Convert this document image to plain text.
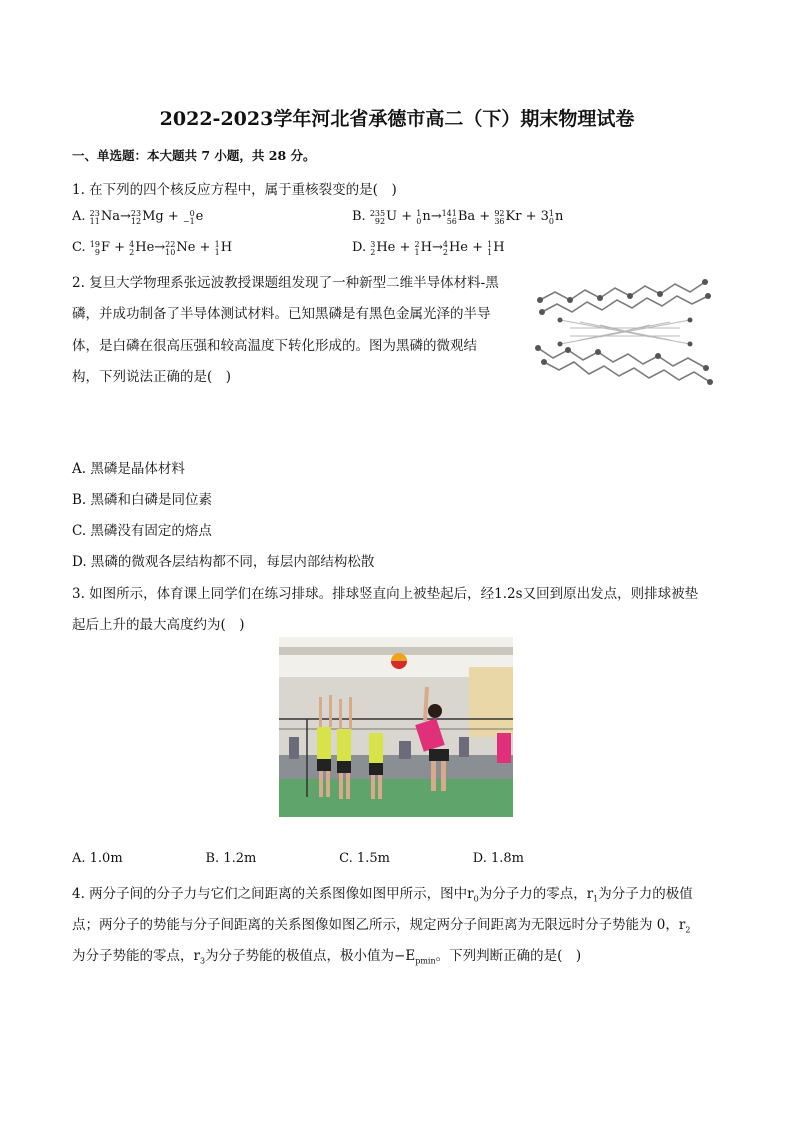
2022-2023学年河北省承德市高二（下）期末物理试卷
一、单选题：本大题共 7 小题，共 28 分。
1. 在下列的四个核反应方程中，属于重核裂变的是(　)
A. 23
11 Na→ 23
12 Mg + 0
−1 e	B. 235
92 U + 1
0 n→ 141
56 Ba + 92
36 Kr + 3 1
0 n
C. 19
9 F + 4
2 He→ 22
10 Ne + 1
1 H	D. 3
2 He + 2
1 H→ 4
2 He + 1
1 H
2. 复旦大学物理系张远波教授课题组发现了一种新型二维半导体材料-黑
磷，并成功制备了半导体测试材料。已知黑磷是有黑色金属光泽的半导
体，是白磷在很高压强和较高温度下转化形成的。图为黑磷的微观结
构，下列说法正确的是(　)
A. 黑磷是晶体材料
B. 黑磷和白磷是同位素
C. 黑磷没有固定的熔点
D. 黑磷的微观各层结构都不同，每层内部结构松散
3. 如图所示，体育课上同学们在练习排球。排球竖直向上被垫起后，经1.2s又回到原出发点，则排球被垫
起后上升的最大高度约为(　)
A. 1.0m	B. 1.2m	C. 1.5m	D. 1.8m
4. 两分子间的分子力与它们之间距离的关系图像如图甲所示，图中$r_0$为分子力的零点，$r_1$为分子力的极值
点；两分子的势能与分子间距离的关系图像如图乙所示，规定两分子间距离为无限远时分子势能为 0，$r_2$
为分子势能的零点，$r_3$为分子势能的极值点，极小值为$-E_{pmin}$。下列判断正确的是(　)
